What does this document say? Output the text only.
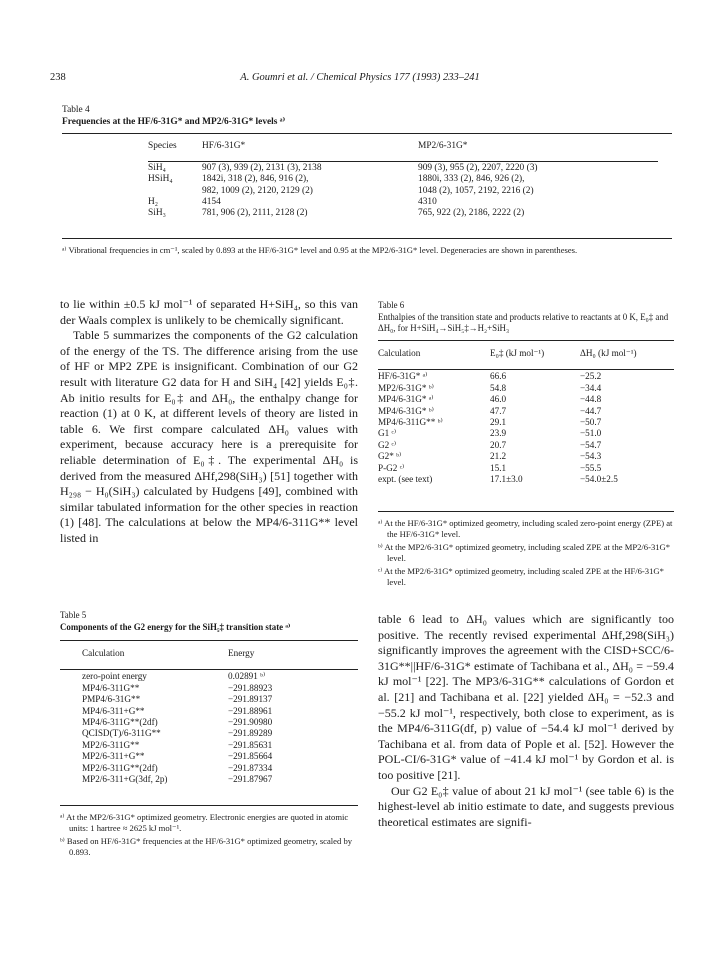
238	A. Goumri et al. / Chemical Physics 177 (1993) 233–241
Table 4
Frequencies at the HF/6-31G* and MP2/6-31G* levels ᵃ⁾
Species	HF/6-31G*	MP2/6-31G*

SiH₄	907 (3), 939 (2), 2131 (3), 2138	909 (3), 955 (2), 2207, 2220 (3)
HSiH₄	1842i, 318 (2), 846, 916 (2),	1880i, 333 (2), 846, 926 (2),
	982, 1009 (2), 2120, 2129 (2)	1048 (2), 1057, 2192, 2216 (2)
H₂	4154	4310
SiH₃	781, 906 (2), 2111, 2128 (2)	765, 922 (2), 2186, 2222 (2)

ᵃ⁾ Vibrational frequencies in cm⁻¹, scaled by 0.893 at the HF/6-31G* level and 0.95 at the MP2/6-31G* level. Degeneracies are shown in parentheses.

to lie within ±0.5 kJ mol⁻¹ of separated H+SiH₄, so this van der Waals complex is unlikely to be chemically significant.

Table 5 summarizes the components of the G2 calculation of the energy of the TS. The difference arising from the use of HF or MP2 ZPE is insignificant. Combination of our G2 result with literature G2 data for H and SiH₄ [42] yields E₀‡. Ab initio results for E₀‡ and ΔH₀, the enthalpy change for reaction (1) at 0 K, at different levels of theory are listed in table 6. We first compare calculated ΔH₀ values with experiment, because accuracy here is a prerequisite for reliable determination of E₀‡. The experimental ΔH₀ is derived from the measured ΔHf,298(SiH₃) [51] together with H₂₉₈ − H₀(SiH₃) calculated by Hudgens [49], combined with similar tabulated information for the other species in reaction (1) [48]. The calculations at below the MP4/6-311G** level listed in

Table 6
Enthalpies of the transition state and products relative to reactants at 0 K, E₀‡ and ΔH₀, for H+SiH₄→SiH₅‡→H₂+SiH₃
Calculation	E₀‡ (kJ mol⁻¹)	ΔH₀ (kJ mol⁻¹)

HF/6-31G* ᵃ⁾	66.6	−25.2
MP2/6-31G* ᵇ⁾	54.8	−34.4
MP4/6-31G* ᵃ⁾	46.0	−44.8
MP4/6-31G* ᵇ⁾	47.7	−44.7
MP4/6-311G** ᵇ⁾	29.1	−50.7
G1 ᶜ⁾	23.9	−51.0
G2 ᶜ⁾	20.7	−54.7
G2* ᵇ⁾	21.2	−54.3
P-G2 ᶜ⁾	15.1	−55.5
expt. (see text)	17.1±3.0	−54.0±2.5

ᵃ⁾ At the HF/6-31G* optimized geometry, including scaled zero-point energy (ZPE) at the HF/6-31G* level.

ᵇ⁾ At the MP2/6-31G* optimized geometry, including scaled ZPE at the MP2/6-31G* level.

ᶜ⁾ At the MP2/6-31G* optimized geometry, including scaled ZPE at the HF/6-31G* level.

Table 5
Components of the G2 energy for the SiH₅‡ transition state ᵃ⁾
Calculation	Energy

zero-point energy	0.02891 ᵇ⁾
MP4/6-311G**	−291.88923
PMP4/6-31G**	−291.89137
MP4/6-311+G**	−291.88961
MP4/6-311G**(2df)	−291.90980
QCISD(T)/6-311G**	−291.89289
MP2/6-311G**	−291.85631
MP2/6-311+G**	−291.85664
MP2/6-311G**(2df)	−291.87334
MP2/6-311+G(3df, 2p)	−291.87967

ᵃ⁾ At the MP2/6-31G* optimized geometry. Electronic energies are quoted in atomic units: 1 hartree ≈ 2625 kJ mol⁻¹.

ᵇ⁾ Based on HF/6-31G* frequencies at the HF/6-31G* optimized geometry, scaled by 0.893.

table 6 lead to ΔH₀ values which are significantly too positive. The recently revised experimental ΔHf,298(SiH₃) significantly improves the agreement with the CISD+SCC/6-31G**||HF/6-31G* estimate of Tachibana et al., ΔH₀ = −59.4 kJ mol⁻¹ [22]. The MP3/6-31G** calculations of Gordon et al. [21] and Tachibana et al. [22] yielded ΔH₀ = −52.3 and −55.2 kJ mol⁻¹, respectively, both close to experiment, as is the MP4/6-311G(df, p) value of −54.4 kJ mol⁻¹ derived by Tachibana et al. from data of Pople et al. [52]. However the POL-CI/6-31G* value of −41.4 kJ mol⁻¹ by Gordon et al. is too positive [21].

Our G2 E₀‡ value of about 21 kJ mol⁻¹ (see table 6) is the highest-level ab initio estimate to date, and suggests previous theoretical estimates are signifi-
